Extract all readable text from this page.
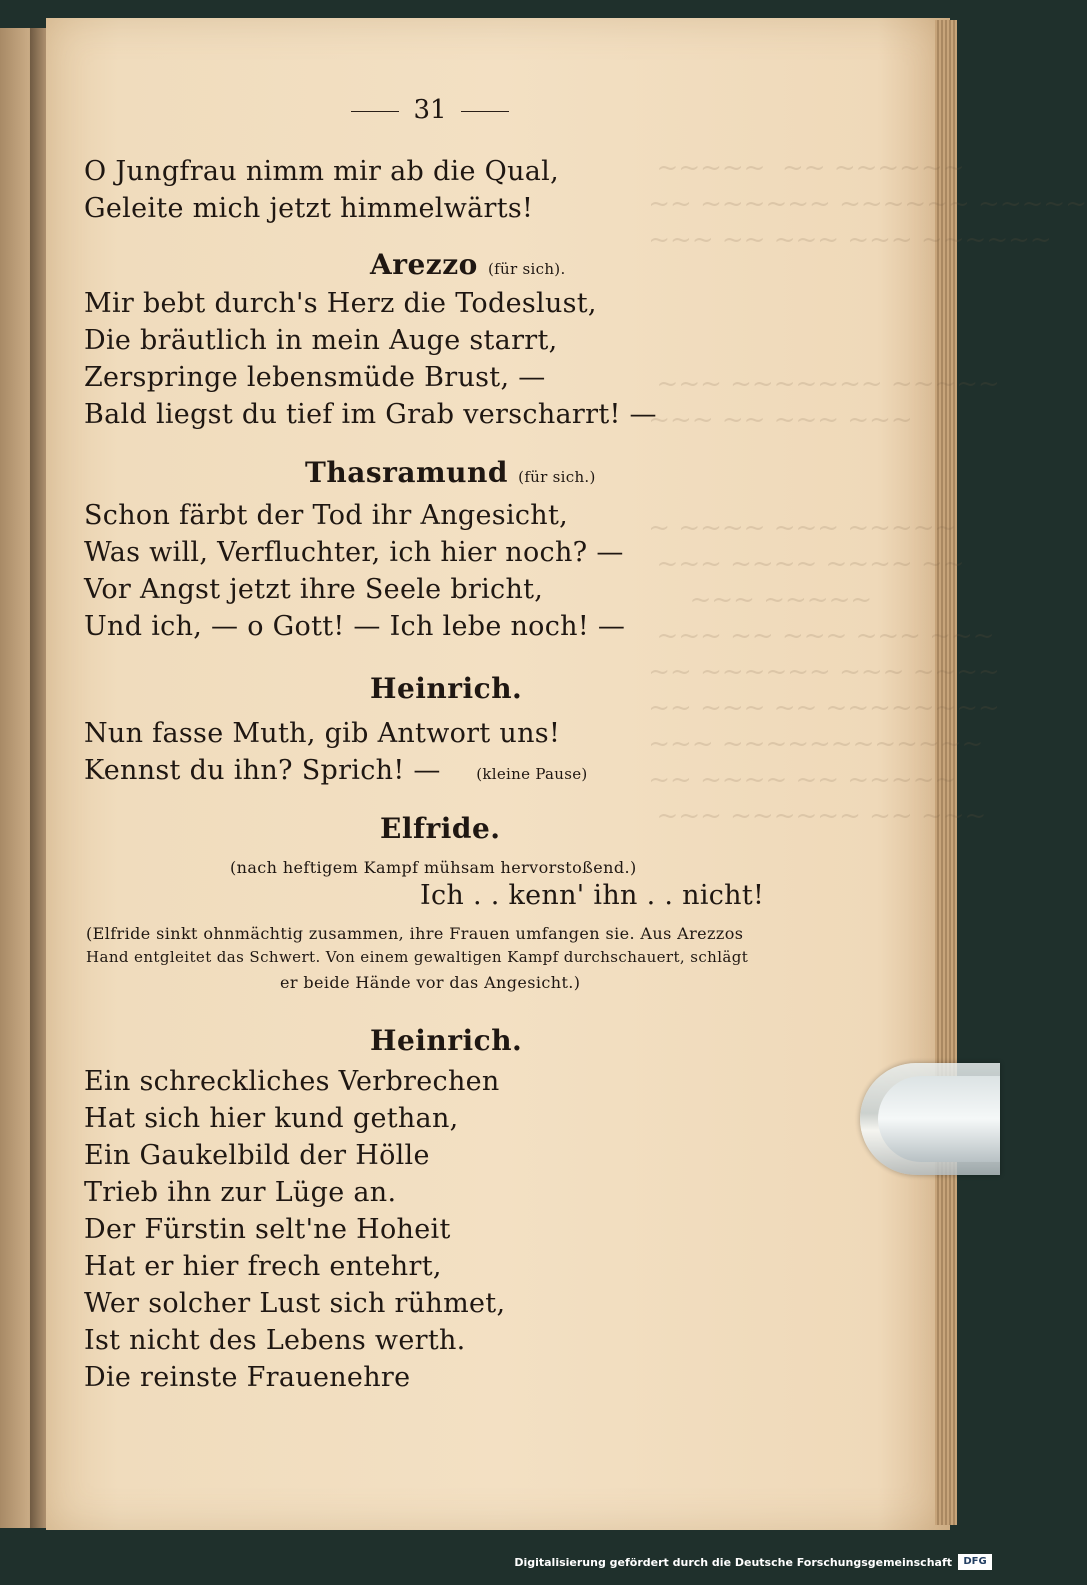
~~~~~  ~~ ~~~~~~
~~ ~~~~~~ ~~~~~~ ~~~~~
~~~ ~~ ~~~ ~~~ ~~~~~~

~~~ ~~~~~~~ ~~~~~
~~~ ~~ ~~~ ~~~

~ ~~~~ ~~~ ~~~~~
~~~ ~~~~ ~~~~ ~~
~~~ ~~~~~
~~~ ~~ ~~~ ~~~ ~~~
~~ ~~~~~~ ~~~ ~~~~
~~ ~~~ ~~ ~~~~~~~~
~~~ ~~~~~~~~~~~~
~~ ~~~~ ~~ ~~~~~
~~~ ~~~~~~ ~~ ~~~
31
O Jungfrau nimm mir ab die Qual,
Geleite mich jetzt himmelwärts!
Arezzo (für sich).
Mir bebt durch's Herz die Todeslust,
Die bräutlich in mein Auge starrt,
Zerspringe lebensmüde Brust, —
Bald liegst du tief im Grab verscharrt! —
Thasramund (für sich.)
Schon färbt der Tod ihr Angesicht,
Was will, Verfluchter, ich hier noch? —
Vor Angst jetzt ihre Seele bricht,
Und ich, — o Gott! — Ich lebe noch! —
Heinrich.
Nun fasse Muth, gib Antwort uns!
Kennst du ihn? Sprich! — (kleine Pause)
Elfride.
(nach heftigem Kampf mühsam hervorstoßend.)
Ich . . kenn' ihn . . nicht!
(Elfride sinkt ohnmächtig zusammen, ihre Frauen umfangen sie. Aus Arezzos
Hand entgleitet das Schwert. Von einem gewaltigen Kampf durchschauert, schlägt
er beide Hände vor das Angesicht.)
Heinrich.
Ein schreckliches Verbrechen
Hat sich hier kund gethan,
Ein Gaukelbild der Hölle
Trieb ihn zur Lüge an.
Der Fürstin selt'ne Hoheit
Hat er hier frech entehrt,
Wer solcher Lust sich rühmet,
Ist nicht des Lebens werth.
Die reinste Frauenehre
Digitalisierung gefördert durch die Deutsche Forschungsgemeinschaft	DFG
